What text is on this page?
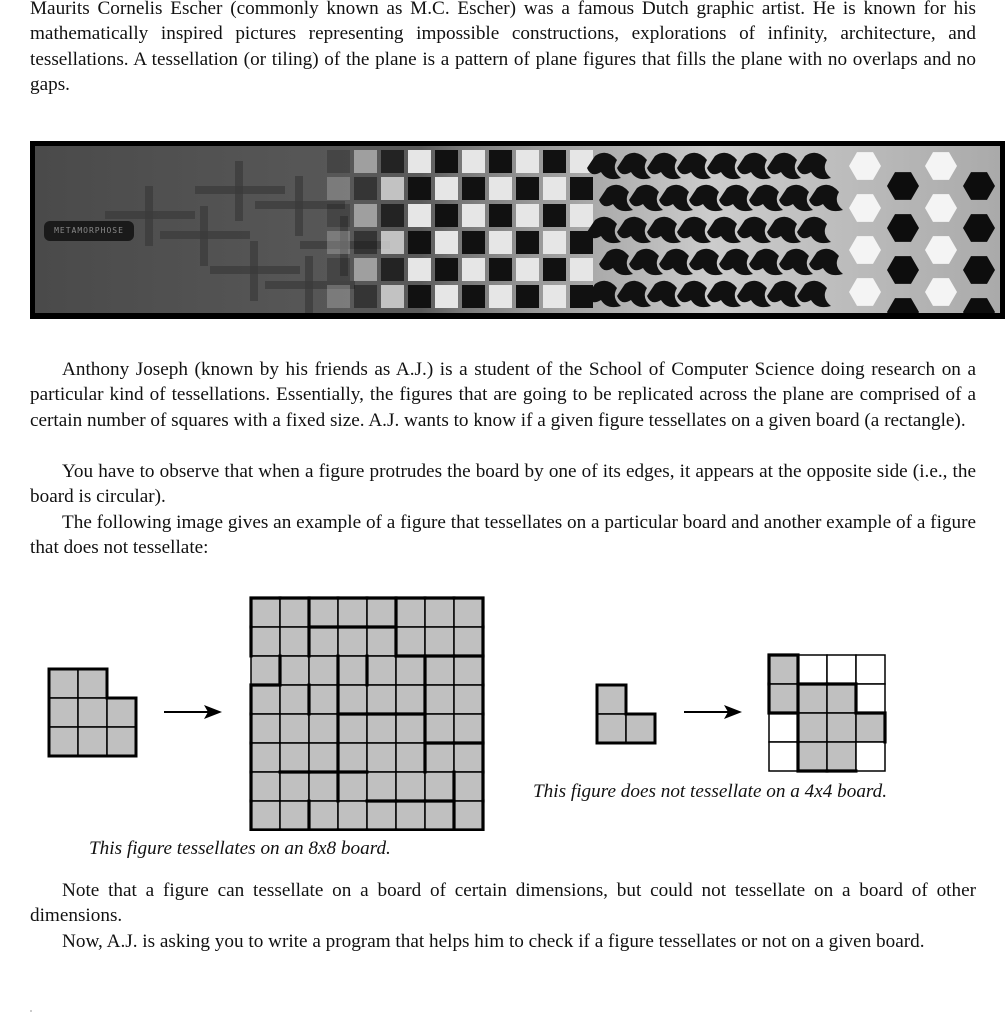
Maurits Cornelis Escher (commonly known as M.C. Escher) was a famous Dutch graphic artist. He is known for his mathematically inspired pictures representing impossible constructions, explorations of infinity, architecture, and tessellations. A tessellation (or tiling) of the plane is a pattern of plane figures that fills the plane with no overlaps and no gaps.

METAMORPHOSE

Anthony Joseph (known by his friends as A.J.) is a student of the School of Computer Science doing research on a particular kind of tessellations. Essentially, the figures that are going to be replicated across the plane are comprised of a certain number of squares with a fixed size. A.J. wants to know if a given figure tessellates on a given board (a rectangle).

You have to observe that when a figure protrudes the board by one of its edges, it appears at the opposite side (i.e., the board is circular).

The following image gives an example of a figure that tessellates on a particular board and another example of a figure that does not tessellate:

This figure tessellates on an 8x8 board.
This figure does not tessellate on a 4x4 board.

Note that a figure can tessellate on a board of certain dimensions, but could not tessellate on a board of other dimensions.

Now, A.J. is asking you to write a program that helps him to check if a figure tessellates or not on a given board.
